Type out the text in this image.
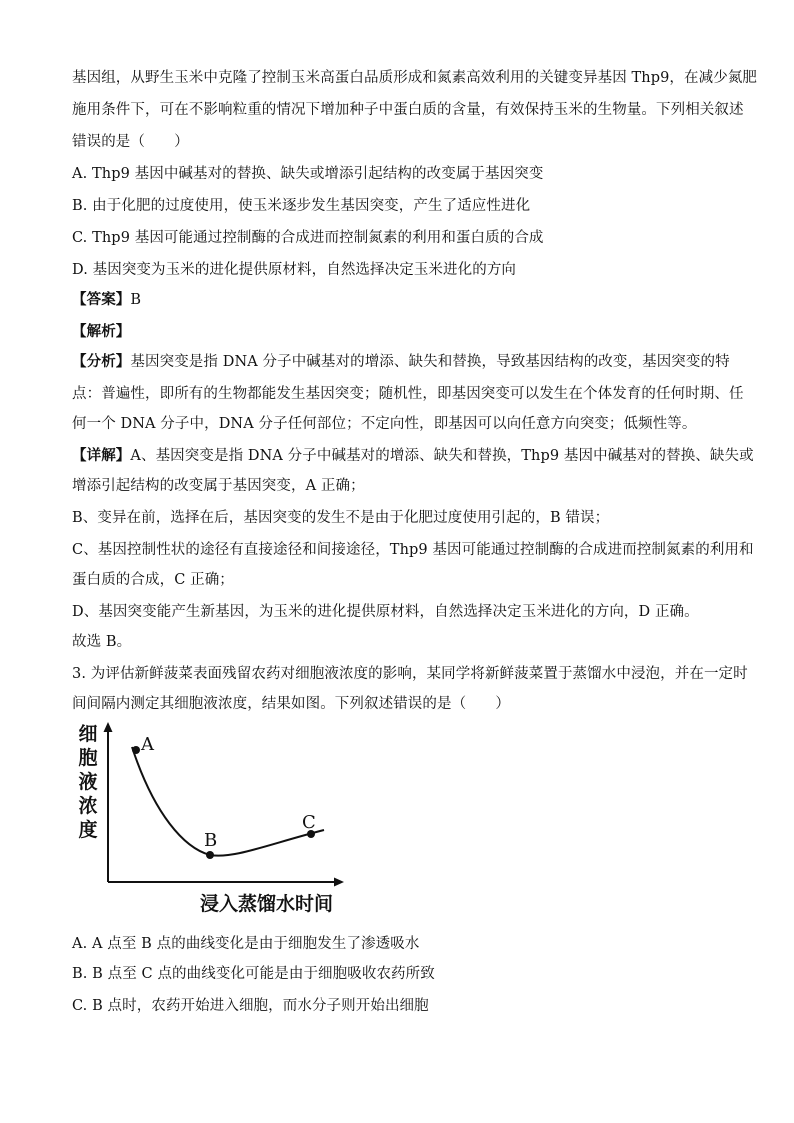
基因组，从野生玉米中克隆了控制玉米高蛋白品质形成和氮素高效利用的关键变异基因 Thp9，在减少氮肥
施用条件下，可在不影响粒重的情况下增加种子中蛋白质的含量，有效保持玉米的生物量。下列相关叙述
错误的是（　　）
A. Thp9 基因中碱基对的替换、缺失或增添引起结构的改变属于基因突变
B. 由于化肥的过度使用，使玉米逐步发生基因突变，产生了适应性进化
C. Thp9 基因可能通过控制酶的合成进而控制氮素的利用和蛋白质的合成
D. 基因突变为玉米的进化提供原材料，自然选择决定玉米进化的方向
【答案】B
【解析】
【分析】基因突变是指 DNA 分子中碱基对的增添、缺失和替换，导致基因结构的改变，基因突变的特
点：普遍性，即所有的生物都能发生基因突变；随机性，即基因突变可以发生在个体发育的任何时期、任
何一个 DNA 分子中，DNA 分子任何部位；不定向性，即基因可以向任意方向突变；低频性等。
【详解】A、基因突变是指 DNA 分子中碱基对的增添、缺失和替换，Thp9 基因中碱基对的替换、缺失或
增添引起结构的改变属于基因突变，A 正确；
B、变异在前，选择在后，基因突变的发生不是由于化肥过度使用引起的，B 错误；
C、基因控制性状的途径有直接途径和间接途径，Thp9 基因可能通过控制酶的合成进而控制氮素的利用和
蛋白质的合成，C 正确；
D、基因突变能产生新基因，为玉米的进化提供原材料，自然选择决定玉米进化的方向，D 正确。
故选 B。
3. 为评估新鲜菠菜表面残留农药对细胞液浓度的影响，某同学将新鲜菠菜置于蒸馏水中浸泡，并在一定时
间间隔内测定其细胞液浓度，结果如图。下列叙述错误的是（　　）
细
胞
液
浓
度
A
B
C
浸入蒸馏水时间
A. A 点至 B 点的曲线变化是由于细胞发生了渗透吸水
B. B 点至 C 点的曲线变化可能是由于细胞吸收农药所致
C. B 点时，农药开始进入细胞，而水分子则开始出细胞
